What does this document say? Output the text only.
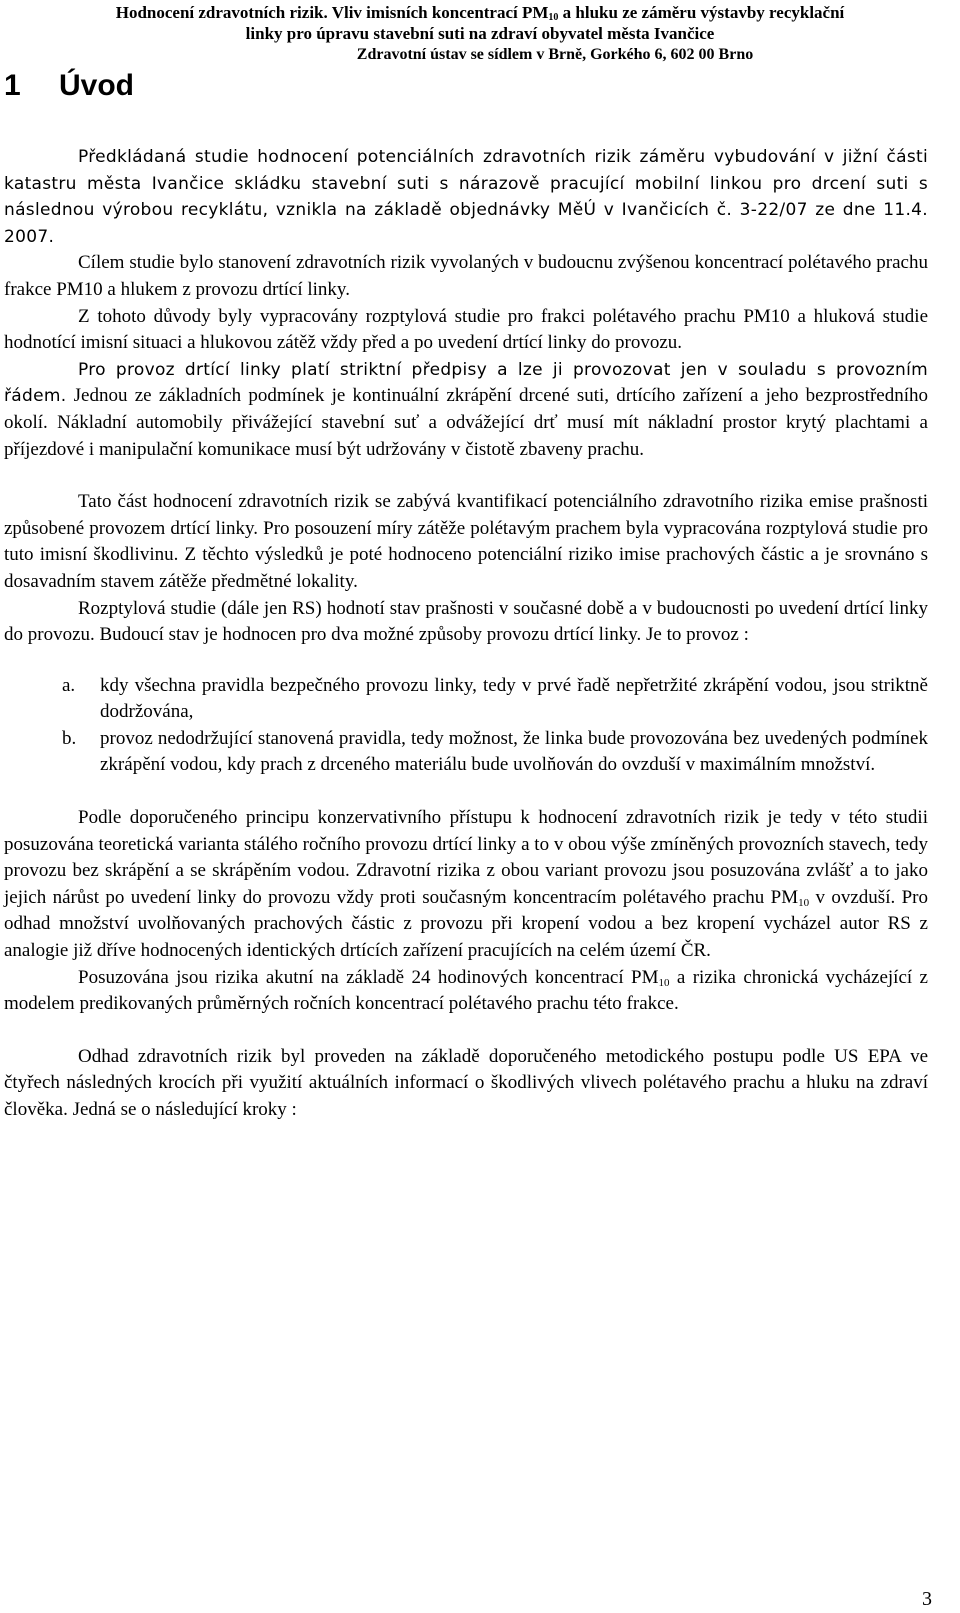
Hodnocení zdravotních rizik. Vliv imisních koncentrací $PM_{10}$ a hluku ze záměru výstavby recyklační
linky pro úpravu stavební suti na zdraví obyvatel města Ivančice
Zdravotní ústav se sídlem v Brně, Gorkého 6, 602 00 Brno
1 Úvod

Předkládaná studie hodnocení potenciálních zdravotních rizik záměru vybudování v jižní části katastru města Ivančice skládku stavební suti s nárazově pracující mobilní linkou pro drcení suti s následnou výrobou recyklátu, vznikla na základě objednávky MěÚ v Ivančicích č. 3-22/07 ze dne 11.4. 2007.

Cílem studie bylo stanovení zdravotních rizik vyvolaných v budoucnu zvýšenou koncentrací polétavého prachu frakce PM10 a hlukem z provozu drtící linky.

Z tohoto důvody byly vypracovány rozptylová studie pro frakci polétavého prachu PM10 a hluková studie hodnotící imisní situaci a hlukovou zátěž vždy před a po uvedení drtící linky do provozu.

Pro provoz drtící linky platí striktní předpisy a lze ji provozovat jen v souladu s provozním řádem. Jednou ze základních podmínek je kontinuální zkrápění drcené suti, drtícího zařízení a jeho bezprostředního okolí. Nákladní automobily přivážející stavební suť a odvážející drť musí mít nákladní prostor krytý plachtami a příjezdové i manipulační komunikace musí být udržovány v čistotě zbaveny prachu.

Tato část hodnocení zdravotních rizik se zabývá kvantifikací potenciálního zdravotního rizika emise prašnosti způsobené provozem drtící linky. Pro posouzení míry zátěže polétavým prachem byla vypracována rozptylová studie pro tuto imisní škodlivinu. Z těchto výsledků je poté hodnoceno potenciální riziko imise prachových částic a je srovnáno s dosavadním stavem zátěže předmětné lokality.

Rozptylová studie (dále jen RS) hodnotí stav prašnosti v současné době a v budoucnosti po uvedení drtící linky do provozu. Budoucí stav je hodnocen pro dva možné způsoby provozu drtící linky. Je to provoz :

a. kdy všechna pravidla bezpečného provozu linky, tedy v prvé řadě nepřetržité zkrápění vodou, jsou striktně dodržována,
b. provoz nedodržující stanovená pravidla, tedy možnost, že linka bude provozována bez uvedených podmínek zkrápění vodou, kdy prach z drceného materiálu bude uvolňován do ovzduší v maximálním množství.

Podle doporučeného principu konzervativního přístupu k hodnocení zdravotních rizik je tedy v této studii posuzována teoretická varianta stálého ročního provozu drtící linky a to v obou výše zmíněných provozních stavech, tedy provozu bez skrápění a se skrápěním vodou. Zdravotní rizika z obou variant provozu jsou posuzována zvlášť a to jako jejich nárůst po uvedení linky do provozu vždy proti současným koncentracím polétavého prachu $PM_{10}$ v ovzduší. Pro odhad množství uvolňovaných prachových částic z provozu při kropení vodou a bez kropení vycházel autor RS z analogie již dříve hodnocených identických drtících zařízení pracujících na celém území ČR.

Posuzována jsou rizika akutní na základě 24 hodinových koncentrací $PM_{10}$ a rizika chronická vycházející z modelem predikovaných průměrných ročních koncentrací polétavého prachu této frakce.

Odhad zdravotních rizik byl proveden na základě doporučeného metodického postupu podle US EPA ve čtyřech následných krocích při využití aktuálních informací o škodlivých vlivech polétavého prachu a hluku na zdraví člověka. Jedná se o následující kroky :

3
